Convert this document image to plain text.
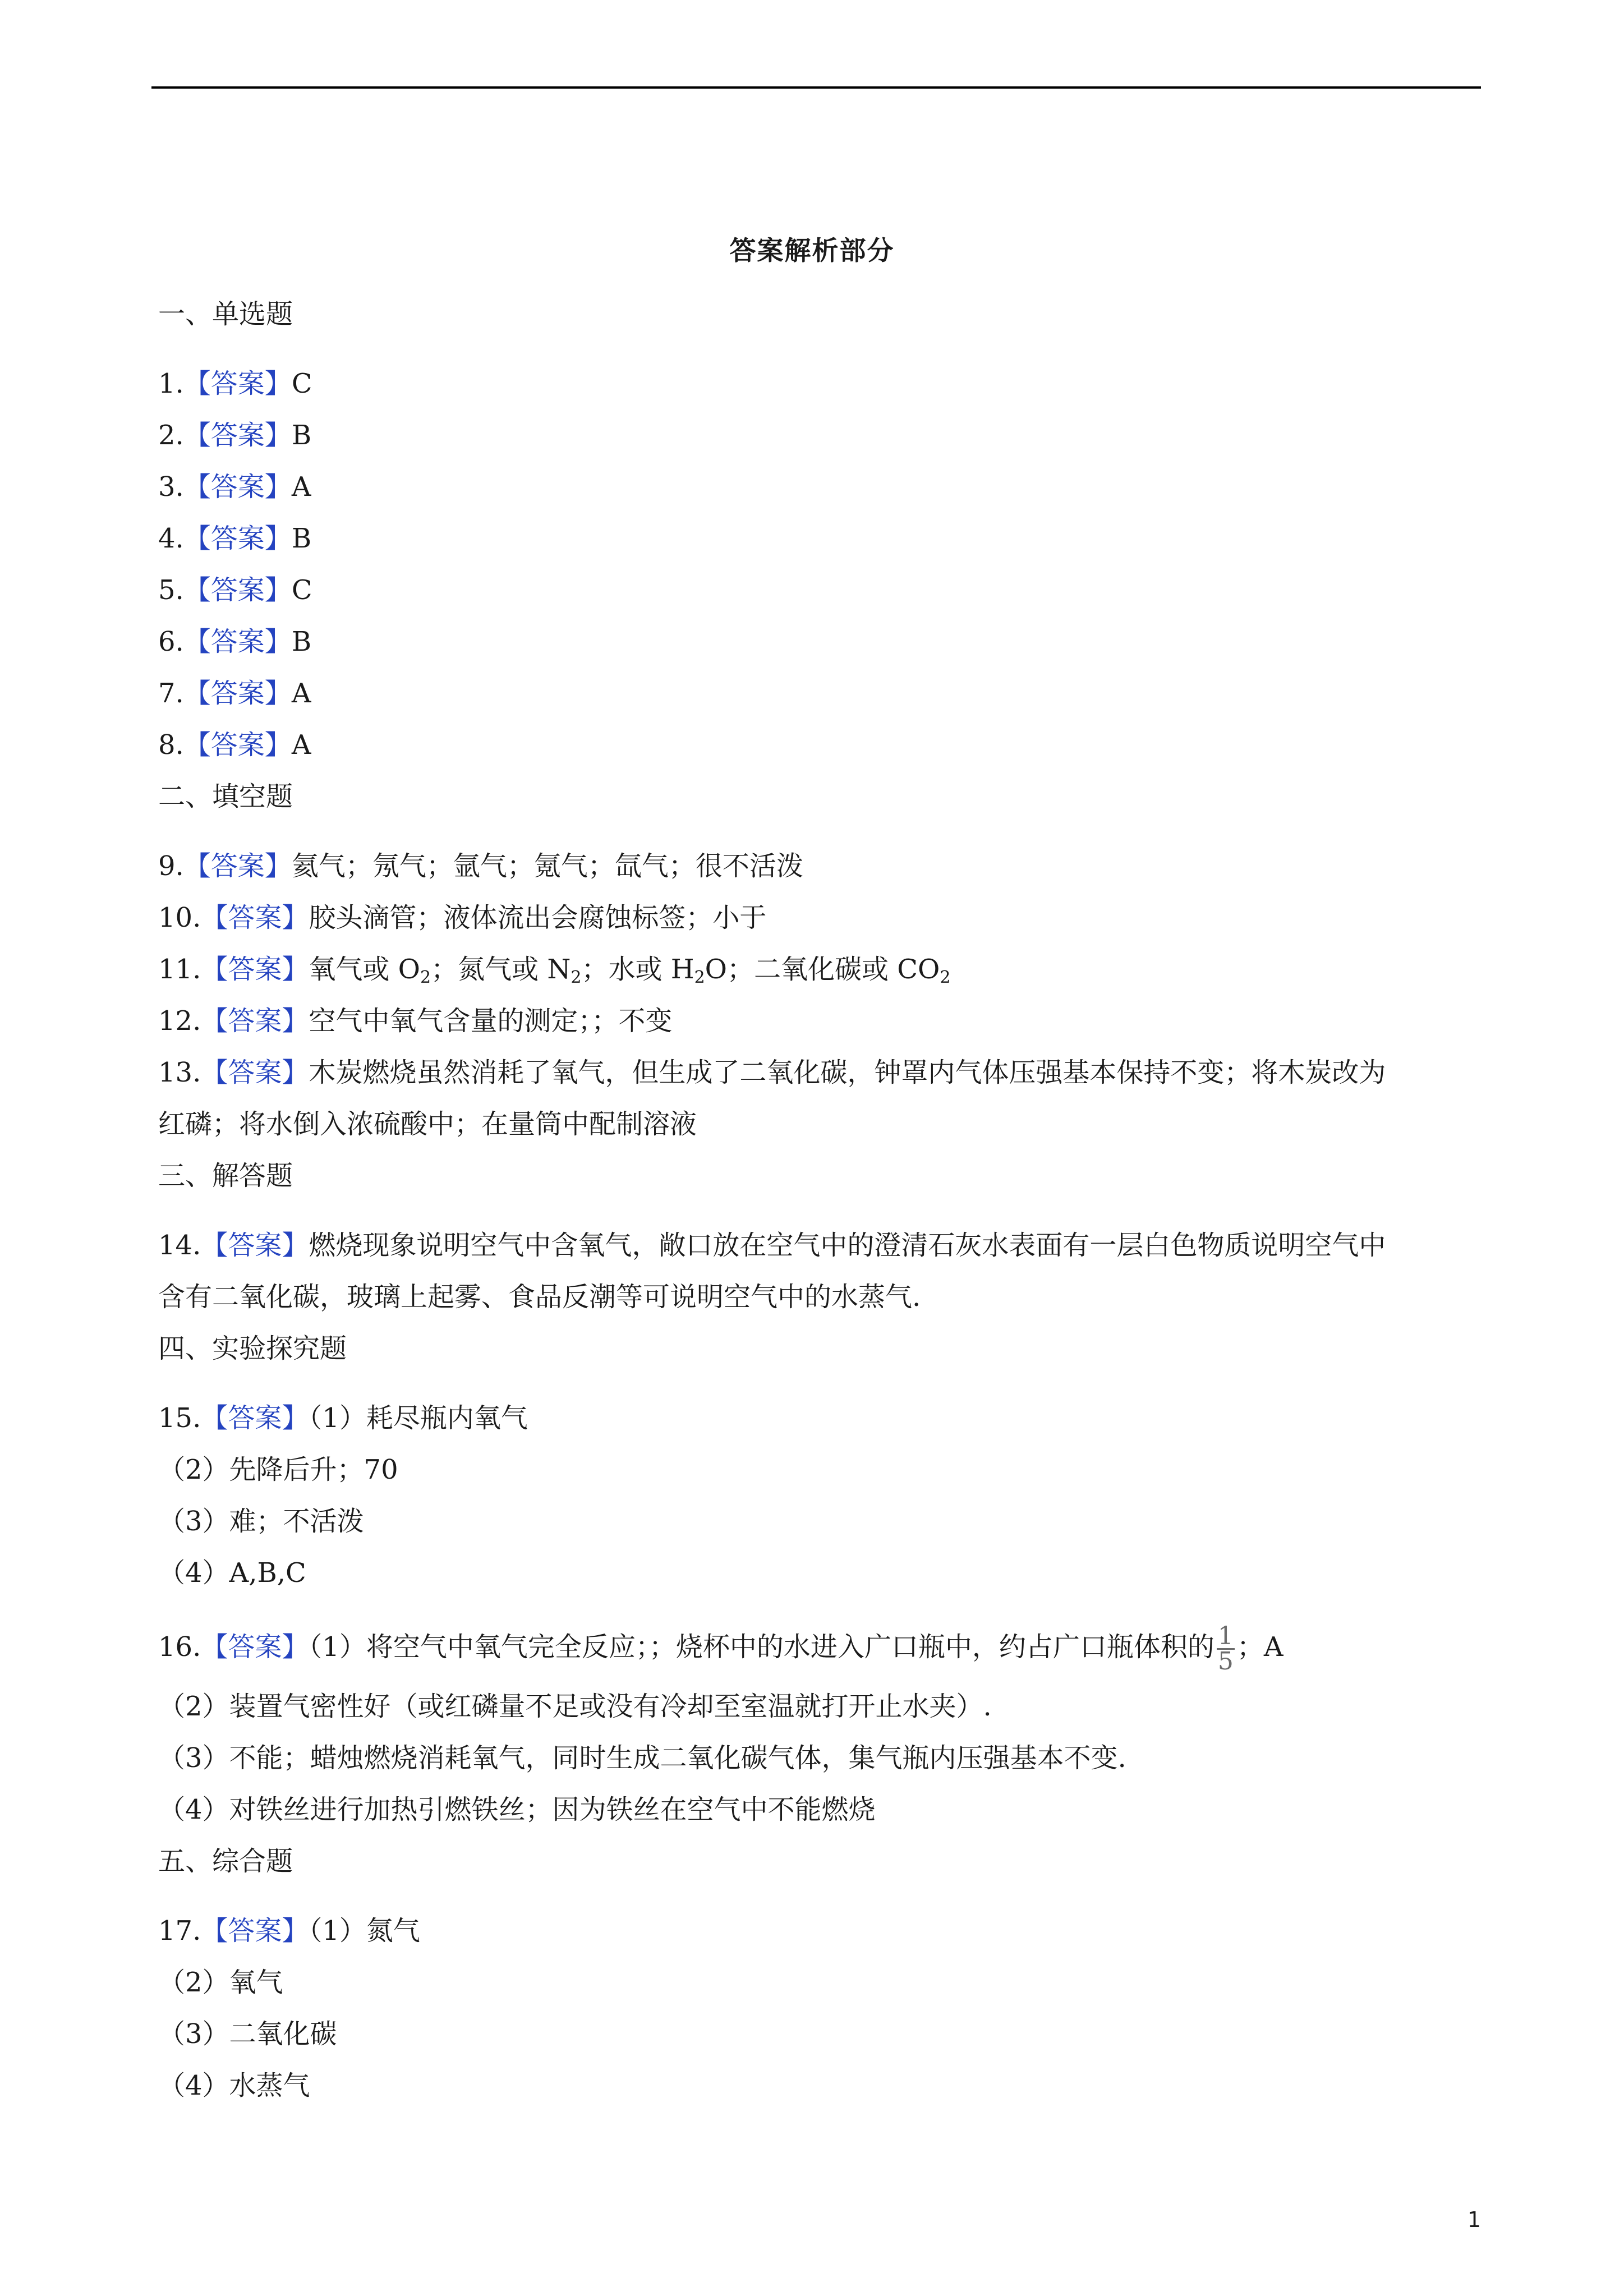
答案解析部分
一、单选题
1.【答案】C
2.【答案】B
3.【答案】A
4.【答案】B
5.【答案】C
6.【答案】B
7.【答案】A
8.【答案】A
二、填空题
9.【答案】氦气；氖气；氩气；氪气；氙气；很不活泼
10.【答案】胶头滴管；液体流出会腐蚀标签；小于
11.【答案】氧气或 $O_2$；氮气或 $N_2$；水或 $H_2O$；二氧化碳或 $CO_2$
12.【答案】空气中氧气含量的测定；；不变
13.【答案】木炭燃烧虽然消耗了氧气，但生成了二氧化碳，钟罩内气体压强基本保持不变；将木炭改为
红磷；将水倒入浓硫酸中；在量筒中配制溶液
三、解答题
14.【答案】燃烧现象说明空气中含氧气，敞口放在空气中的澄清石灰水表面有一层白色物质说明空气中
含有二氧化碳，玻璃上起雾、食品反潮等可说明空气中的水蒸气.
四、实验探究题
15.【答案】（1）耗尽瓶内氧气
（2）先降后升；70
（3）难；不活泼
（4）A,B,C
16.【答案】（1）将空气中氧气完全反应；；烧杯中的水进入广口瓶中，约占广口瓶体积的 $\frac{1}{5}$ ；A
（2）装置气密性好（或红磷量不足或没有冷却至室温就打开止水夹）.
（3）不能；蜡烛燃烧消耗氧气，同时生成二氧化碳气体，集气瓶内压强基本不变.
（4）对铁丝进行加热引燃铁丝；因为铁丝在空气中不能燃烧
五、综合题
17.【答案】（1）氮气
（2）氧气
（3）二氧化碳
（4）水蒸气
1
